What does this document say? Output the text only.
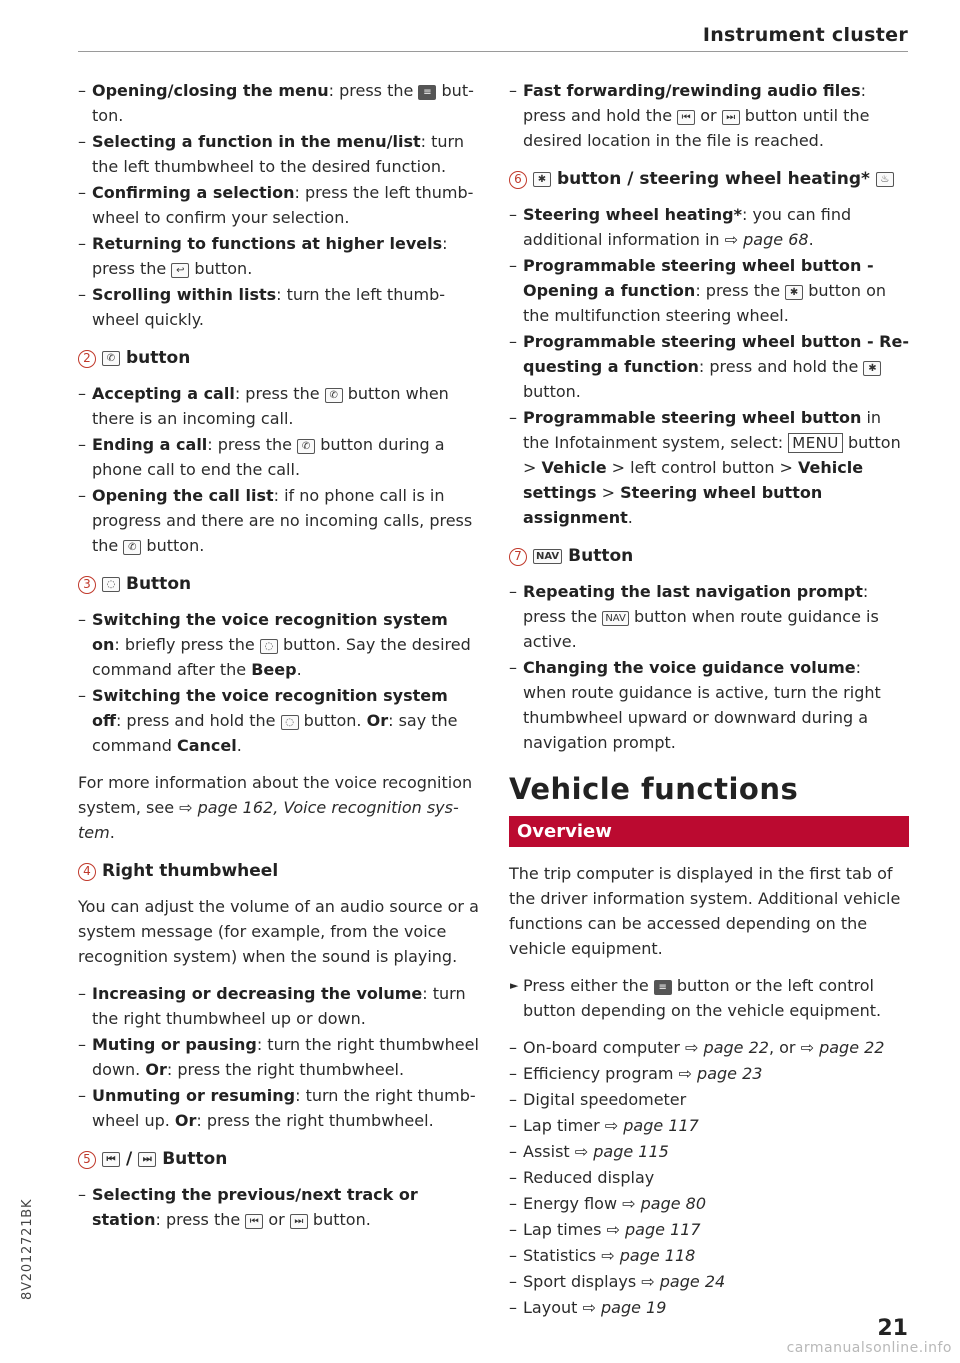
Instrument cluster
– Opening/closing the menu: press the ≡ button.
– Selecting a function in the menu/list: turn the left thumbwheel to the desired function.
– Confirming a selection: press the left thumbwheel to confirm your selection.
– Returning to functions at higher levels: press the ↩ button.
– Scrolling within lists: turn the left thumbwheel quickly.
2	✆ button
– Accepting a call: press the ✆ button when there is an incoming call.
– Ending a call: press the ✆ button during a phone call to end the call.
– Opening the call list: if no phone call is in progress and there are no incoming calls, press the ✆ button.
3	◌ Button
– Switching the voice recognition system on: briefly press the ◌ button. Say the desired command after the Beep.
– Switching the voice recognition system off: press and hold the ◌ button. Or: say the command Cancel.

For more information about the voice recognition system, see ⇨ page 162, Voice recognition system.

4 Right thumbwheel

You can adjust the volume of an audio source or a system message (for example, from the voice recognition system) when the sound is playing.

– Increasing or decreasing the volume: turn the right thumbwheel up or down.
– Muting or pausing: turn the right thumbwheel down. Or: press the right thumbwheel.
– Unmuting or resuming: turn the right thumbwheel up. Or: press the right thumbwheel.
5	⏮ /	⏭ Button
– Selecting the previous/next track or station: press the ⏮ or ⏭ button.
– Fast forwarding/rewinding audio files: press and hold the ⏮ or ⏭ button until the desired location in the file is reached.
6	✱ button / steering wheel heating*	♨
– Steering wheel heating*: you can find additional information in ⇨ page 68.
– Programmable steering wheel button - Opening a function: press the ✱ button on the multifunction steering wheel.
– Programmable steering wheel button - Requesting a function: press and hold the ✱ button.
– Programmable steering wheel button in the Infotainment system, select: MENU button > Vehicle > left control button > Vehicle settings > Steering wheel button assignment.
7	NAV Button
– Repeating the last navigation prompt: press the NAV button when route guidance is active.
– Changing the voice guidance volume: when route guidance is active, turn the right thumbwheel upward or downward during a navigation prompt.
Vehicle functions
Overview

The trip computer is displayed in the first tab of the driver information system. Additional vehicle functions can be accessed depending on the vehicle equipment.

► Press either the ≡ button or the left control button depending on the vehicle equipment.
– On-board computer ⇨ page 22, or ⇨ page 22
– Efficiency program ⇨ page 23
– Digital speedometer
– Lap timer ⇨ page 117
– Assist ⇨ page 115
– Reduced display
– Energy flow ⇨ page 80
– Lap times ⇨ page 117
– Statistics ⇨ page 118
– Sport displays ⇨ page 24
– Layout ⇨ page 19
8V2012721BK
21
carmanualsonline.info
